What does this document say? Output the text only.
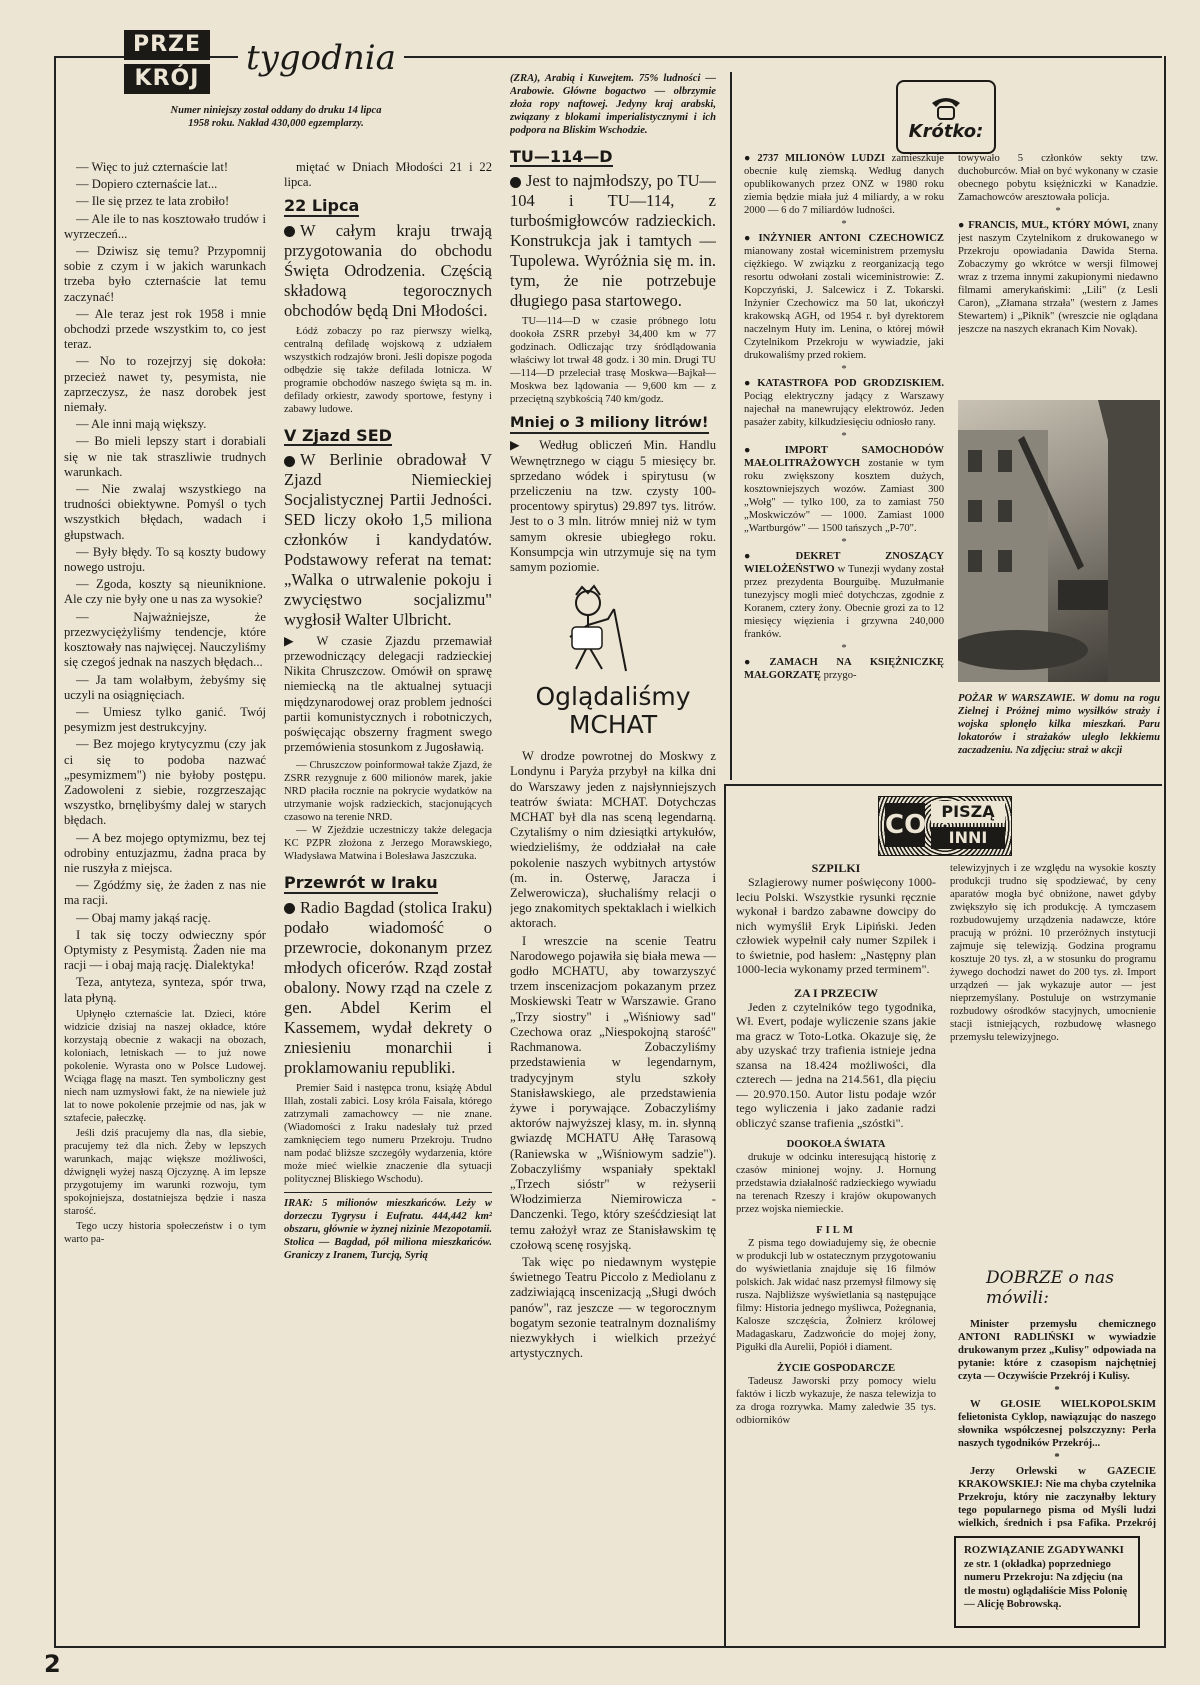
PRZE
KRÓJ
tygodnia
Numer niniejszy został oddany do druku 14 lipca 1958 roku. Nakład 430,000 egzemplarzy.

— Więc to już czternaście lat!

— Dopiero czternaście lat...

— Ile się przez te lata zrobiło!

— Ale ile to nas kosztowało trudów i wyrzeczeń...

— Dziwisz się temu? Przypomnij sobie z czym i w jakich warunkach trzeba było czternaście lat temu zaczynać!

— Ale teraz jest rok 1958 i mnie obchodzi przede wszystkim to, co jest teraz.

— No to rozejrzyj się dokoła: przecież nawet ty, pesymista, nie zaprzeczysz, że nasz dorobek jest niemały.

— Ale inni mają większy.

— Bo mieli lepszy start i dorabiali się w nie tak straszliwie trudnych warunkach.

— Nie zwalaj wszystkiego na trudności obiektywne. Pomyśl o tych wszystkich błędach, wadach i głupstwach.

— Były błędy. To są koszty budowy nowego ustroju.

— Zgoda, koszty są nieuniknione. Ale czy nie były one u nas za wysokie?

— Najważniejsze, że przezwyciężyliśmy tendencje, które kosztowały nas najwięcej. Nauczyliśmy się czegoś jednak na naszych błędach...

— Ja tam wolałbym, żebyśmy się uczyli na osiągnięciach.

— Umiesz tylko ganić. Twój pesymizm jest destrukcyjny.

— Bez mojego krytycyzmu (czy jak ci się to podoba nazwać „pesymizmem") nie byłoby postępu. Zadowoleni z siebie, rozgrzeszając wszystko, brnęlibyśmy dalej w starych błędach.

— A bez mojego optymizmu, bez tej odrobiny entuzjazmu, żadna praca by nie ruszyła z miejsca.

— Zgódźmy się, że żaden z nas nie ma racji.

— Obaj mamy jakąś rację.

I tak się toczy odwieczny spór Optymisty z Pesymistą. Żaden nie ma racji — i obaj mają rację. Dialektyka!

Teza, antyteza, synteza, spór trwa, lata płyną.

Upłynęło czternaście lat. Dzieci, które widzicie dzisiaj na naszej okładce, które korzystają obecnie z wakacji na obozach, koloniach, letniskach — to już nowe pokolenie. Wyrasta ono w Polsce Ludowej. Wciąga flagę na maszt. Ten symboliczny gest niech nam uzmysłowi fakt, że na niewiele już lat to nowe pokolenie przejmie od nas, jak w sztafecie, pałeczkę.

Jeśli dziś pracujemy dla nas, dla siebie, pracujemy też dla nich. Żeby w lepszych warunkach, mając większe możliwości, dźwignęli wyżej naszą Ojczyznę. A im lepsze przygotujemy im warunki rozwoju, tym spokojniejsza, dostatniejsza będzie i nasza starość.

Tego uczy historia społeczeństw i o tym warto pa-

miętać w Dniach Młodości 21 i 22 lipca.

22 Lipca
W całym kraju trwają przygotowania do obchodu Święta Odrodzenia. Częścią składową tegorocznych obchodów będą Dni Młodości.
Łódź zobaczy po raz pierwszy wielką, centralną defiladę wojskową z udziałem wszystkich rodzajów broni. Jeśli dopisze pogoda odbędzie się także defilada lotnicza. W programie obchodów naszego święta są m. in. defilady orkiestr, zawody sportowe, festyny i zabawy ludowe.
V Zjazd SED
W Berlinie obradował V Zjazd Niemieckiej Socjalistycznej Partii Jedności. SED liczy około 1,5 miliona członków i kandydatów. Podstawowy referat na temat: „Walka o utrwalenie pokoju i zwycięstwo socjalizmu" wygłosił Walter Ulbricht.
▶ W czasie Zjazdu przemawiał przewodniczący delegacji radzieckiej Nikita Chruszczow. Omówił on sprawę niemiecką na tle aktualnej sytuacji międzynarodowej oraz problem jedności partii komunistycznych i robotniczych, poświęcając obszerny fragment swego przemówienia stosunkom z Jugosławią.
— Chruszczow poinformował także Zjazd, że ZSRR rezygnuje z 600 milionów marek, jakie NRD płaciła rocznie na pokrycie wydatków na utrzymanie wojsk radzieckich, stacjonujących czasowo na terenie NRD.
— W Zjeździe uczestniczy także delegacja KC PZPR złożona z Jerzego Morawskiego, Władysława Matwina i Bolesława Jaszczuka.
Przewrót w Iraku
Radio Bagdad (stolica Iraku) podało wiadomość o przewrocie, dokonanym przez młodych oficerów. Rząd został obalony. Nowy rząd na czele z gen. Abdel Kerim el Kassemem, wydał dekrety o zniesieniu monarchii i proklamowaniu republiki.
Premier Said i następca tronu, książę Abdul Illah, zostali zabici. Losy króla Faisala, którego zatrzymali zamachowcy — nie znane. (Wiadomości z Iraku nadesłały tuż przed zamknięciem tego numeru Przekroju. Trudno nam podać bliższe szczegóły wydarzenia, które może mieć wielkie znaczenie dla sytuacji politycznej Bliskiego Wschodu).
IRAK: 5 milionów mieszkańców. Leży w dorzeczu Tygrysu i Eufratu. 444,442 km² obszaru, głównie w żyznej nizinie Mezopotamii. Stolica — Bagdad, pół miliona mieszkańców. Graniczy z Iranem, Turcją, Syrią
(ZRA), Arabią i Kuwejtem. 75% ludności — Arabowie. Główne bogactwo — olbrzymie złoża ropy naftowej. Jedyny kraj arabski, związany z blokami imperialistycznymi i ich podpora na Bliskim Wschodzie.
TU—114—D
Jest to najmłodszy, po TU—104 i TU—114, z turbośmigłowców radzieckich. Konstrukcja jak i tamtych — Tupolewa. Wyróżnia się m. in. tym, że nie potrzebuje długiego pasa startowego.
TU—114—D w czasie próbnego lotu dookoła ZSRR przebył 34,400 km w 77 godzinach. Odliczając trzy śródlądowania właściwy lot trwał 48 godz. i 30 min. Drugi TU—114—D przeleciał trasę Moskwa—Bajkał—Moskwa bez lądowania — 9,600 km — z przeciętną szybkością 740 km/godz.
Mniej o 3 miliony litrów!
▶ Według obliczeń Min. Handlu Wewnętrznego w ciągu 5 miesięcy br. sprzedano wódek i spirytusu (w przeliczeniu na tzw. czysty 100-procentowy spirytus) 29.897 tys. litrów. Jest to o 3 mln. litrów mniej niż w tym samym okresie ubiegłego roku. Konsumpcja win utrzymuje się na tym samym poziomie.
Oglądaliśmy MCHAT

W drodze powrotnej do Moskwy z Londynu i Paryża przybył na kilka dni do Warszawy jeden z najsłynniejszych teatrów świata: MCHAT. Dotychczas MCHAT był dla nas sceną legendarną. Czytaliśmy o nim dziesiątki artykułów, wiedzieliśmy, że oddziałał na całe pokolenie naszych wybitnych artystów (m. in. Osterwę, Jaracza i Zelwerowicza), słuchaliśmy relacji o jego znakomitych spektaklach i wielkich aktorach.

I wreszcie na scenie Teatru Narodowego pojawiła się biała mewa — godło MCHATU, aby towarzyszyć trzem inscenizacjom pokazanym przez Moskiewski Teatr w Warszawie. Grano „Trzy siostry" i „Wiśniowy sad" Czechowa oraz „Niespokojną starość" Rachmanowa. Zobaczyliśmy przedstawienia w legendarnym, tradycyjnym stylu szkoły Stanisławskiego, ale przedstawienia żywe i porywające. Zobaczyliśmy aktorów najwyższej klasy, m. in. słynną gwiazdę MCHATU Ałłę Tarasową (Raniewska w „Wiśniowym sadzie"). Zobaczyliśmy wspaniały spektakl „Trzech sióstr" w reżyserii Włodzimierza Niemirowicza - Danczenki. Tego, który sześćdziesiąt lat temu założył wraz ze Stanisławskim tę czołową scenę rosyjską.

Tak więc po niedawnym występie świetnego Teatru Piccolo z Mediolanu z zadziwiającą inscenizacją „Sługi dwóch panów", raz jeszcze — w tegorocznym bogatym sezonie teatralnym doznaliśmy niezwykłych i wielkich przeżyć artystycznych.

Krótko:
● 2737 MILIONÓW LUDZI zamieszkuje obecnie kulę ziemską. Według danych opublikowanych przez ONZ w 1980 roku ziemia będzie miała już 4 miliardy, a w roku 2000 — 6 do 7 miliardów ludności.
*
● INŻYNIER ANTONI CZECHOWICZ mianowany został wiceministrem przemysłu ciężkiego. W związku z reorganizacją tego resortu odwołani zostali wiceministrowie: Z. Kopczyński, J. Salcewicz i Z. Tokarski. Inżynier Czechowicz ma 50 lat, ukończył krakowską AGH, od 1954 r. był dyrektorem naczelnym Huty im. Lenina, o której mówił Czytelnikom Przekroju w wywiadzie, jaki drukowaliśmy przed rokiem.
*
● KATASTROFA POD GRODZISKIEM. Pociąg elektryczny jadący z Warszawy najechał na manewrujący elektrowóz. Jeden pasażer zabity, kilkudziesięciu odniosło rany.
*
● IMPORT SAMOCHODÓW MAŁOLITRAŻOWYCH zostanie w tym roku zwiększony kosztem dużych, kosztowniejszych wozów. Zamiast 300 „Wołg" — tylko 100, za to zamiast 750 „Moskwiczów" — 1000. Zamiast 1000 „Wartburgów" — 1500 tańszych „P-70".
*
● DEKRET ZNOSZĄCY WIELOŻEŃSTWO w Tunezji wydany został przez prezydenta Bourguibę. Muzułmanie tunezyjscy mogli mieć dotychczas, zgodnie z Koranem, cztery żony. Obecnie grozi za to 12 miesięcy więzienia i grzywna 240,000 franków.
*
● ZAMACH NA KSIĘŻNICZKĘ MAŁGORZATĘ przygo-
towywało 5 członków sekty tzw. duchoburców. Miał on być wykonany w czasie obecnego pobytu księżniczki w Kanadzie. Zamachowców aresztowała policja.
*
● FRANCIS, MUŁ, KTÓRY MÓWI, znany jest naszym Czytelnikom z drukowanego w Przekroju opowiadania Dawida Sterna. Zobaczymy go wkrótce w wersji filmowej wraz z trzema innymi zakupionymi niedawno filmami amerykańskimi: „Lili" (z Lesli Caron), „Złamana strzała" (western z James Stewartem) i „Piknik" (wreszcie nie oglądana jeszcze na naszych ekranach Kim Novak).
POŻAR W WARSZAWIE. W domu na rogu Zielnej i Próżnej mimo wysiłków straży i wojska spłonęło kilka mieszkań. Paru lokatorów i strażaków uległo lekkiemu zaczadzeniu. Na zdjęciu: straż w akcji
CO PISZĄ
INNI
SZPILKI
Szlagierowy numer poświęcony 1000-leciu Polski. Wszystkie rysunki ręcznie wykonał i bardzo zabawne dowcipy do nich wymyślił Eryk Lipiński. Jeden człowiek wypełnił cały numer Szpilek i to świetnie, pod hasłem: „Następny plan 1000-lecia wykonamy przed terminem".
ZA I PRZECIW
Jeden z czytelników tego tygodnika, Wł. Evert, podaje wyliczenie szans jakie ma gracz w Toto-Lotka. Okazuje się, że aby uzyskać trzy trafienia istnieje jedna szansa na 18.424 możliwości, dla czterech — jedna na 214.561, dla pięciu — 20.970.150. Autor listu podaje wzór tego wyliczenia i jako zadanie radzi obliczyć szanse trafienia „szóstki".
DOOKOŁA ŚWIATA
drukuje w odcinku interesującą historię z czasów minionej wojny. J. Hornung przedstawia działalność radzieckiego wywiadu na terenach Rzeszy i krajów okupowanych przez wojska niemieckie.
FILM
Z pisma tego dowiadujemy się, że obecnie w produkcji lub w ostatecznym przygotowaniu do wyświetlania znajduje się 16 filmów polskich. Jak widać nasz przemysł filmowy się rusza. Najbliższe wyświetlania są następujące filmy: Historia jednego myśliwca, Pożegnania, Kalosze szczęścia, Żołnierz królowej Madagaskaru, Zadzwońcie do mojej żony, Pigułki dla Aurelii, Popiół i diament.
ŻYCIE GOSPODARCZE
Tadeusz Jaworski przy pomocy wielu faktów i liczb wykazuje, że nasza telewizja to za droga rozrywka. Mamy zaledwie 35 tys. odbiorników
telewizyjnych i ze względu na wysokie koszty produkcji trudno się spodziewać, by ceny aparatów mogła być obniżone, nawet gdyby zwiększyło się ich produkcję. A tymczasem rozbudowujemy urządzenia nadawcze, które pracują w próżni. 10 przeróżnych instytucji zajmuje się telewizją. Godzina programu kosztuje 20 tys. zł, a w stosunku do programu żywego dochodzi nawet do 200 tys. zł. Import urządzeń — jak wykazuje autor — jest nieprzemyślany. Postuluje on wstrzymanie rozbudowy ośrodków stacyjnych, umocnienie stacji istniejących, rozbudowę własnego przemysłu telewizyjnego.
DOBRZE o nas mówili:
Minister przemysłu chemicznego ANTONI RADLIŃSKI w wywiadzie drukowanym przez „Kulisy" odpowiada na pytanie: które z czasopism najchętniej czyta — Oczywiście Przekrój i Kulisy.
*
W GŁOSIE WIELKOPOLSKIM felietonista Cyklop, nawiązując do naszego słownika współczesnej polszczyzny: Perła naszych tygodników Przekrój...
*
Jerzy Orlewski w GAZECIE KRAKOWSKIEJ: Nie ma chyba czytelnika Przekroju, który nie zaczynałby lektury tego popularnego pisma od Myśli ludzi wielkich, średnich i psa Fafika. Przekrój
ROZWIĄZANIE ZGADYWANKI ze str. 1 (okładka) poprzedniego numeru Przekroju: Na zdjęciu (na tle mostu) oglądaliście Miss Polonię — Alicję Bobrowską.
2
